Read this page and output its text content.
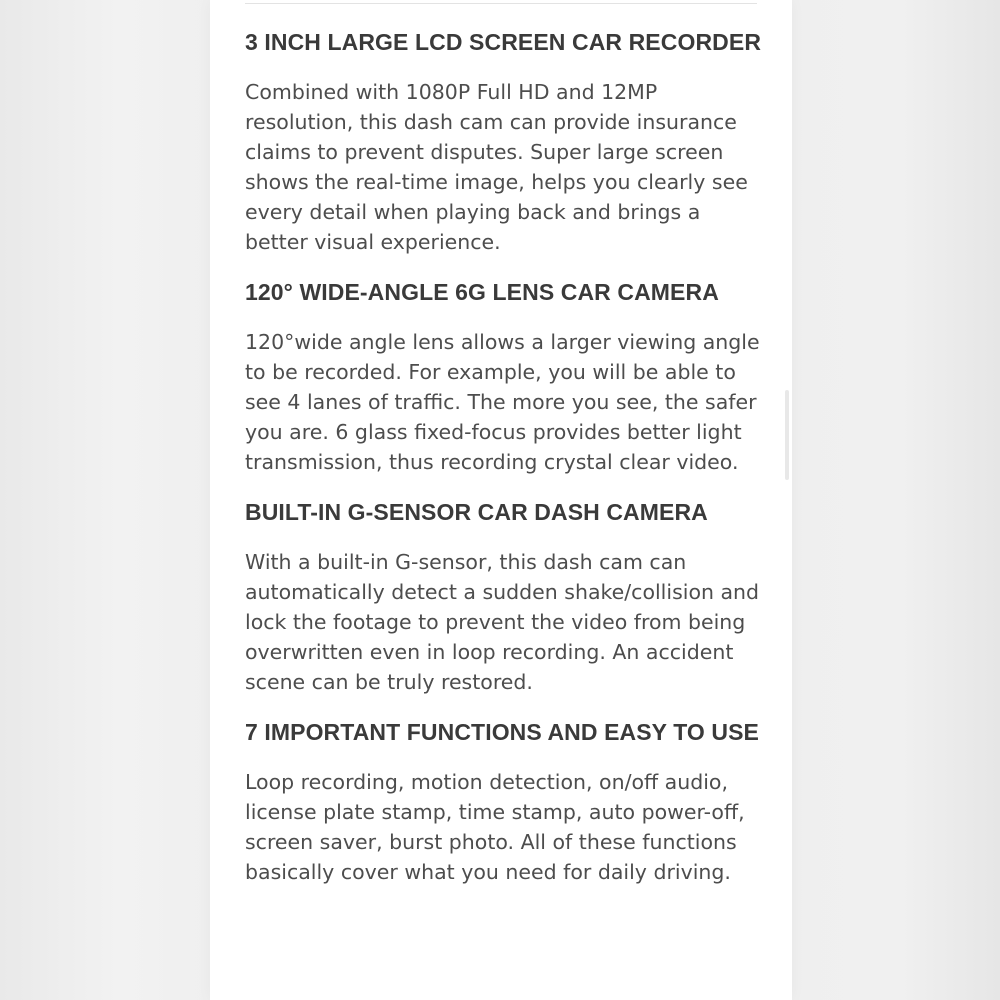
3 INCH LARGE LCD SCREEN CAR RECORDER

Combined with 1080P Full HD and 12MP resolution, this dash cam can provide insurance claims to prevent disputes. Super large screen shows the real-time image, helps you clearly see every detail when playing back and brings a better visual experience.

120° WIDE-ANGLE 6G LENS CAR CAMERA

120°wide angle lens allows a larger viewing angle to be recorded. For example, you will be able to see 4 lanes of traffic. The more you see, the safer you are. 6 glass fixed-focus provides better light transmission, thus recording crystal clear video.

BUILT-IN G-SENSOR CAR DASH CAMERA

With a built-in G-sensor, this dash cam can automatically detect a sudden shake/collision and lock the footage to prevent the video from being overwritten even in loop recording. An accident scene can be truly restored.

7 IMPORTANT FUNCTIONS AND EASY TO USE

Loop recording, motion detection, on/off audio, license plate stamp, time stamp, auto power-off, screen saver, burst photo. All of these functions basically cover what you need for daily driving.
